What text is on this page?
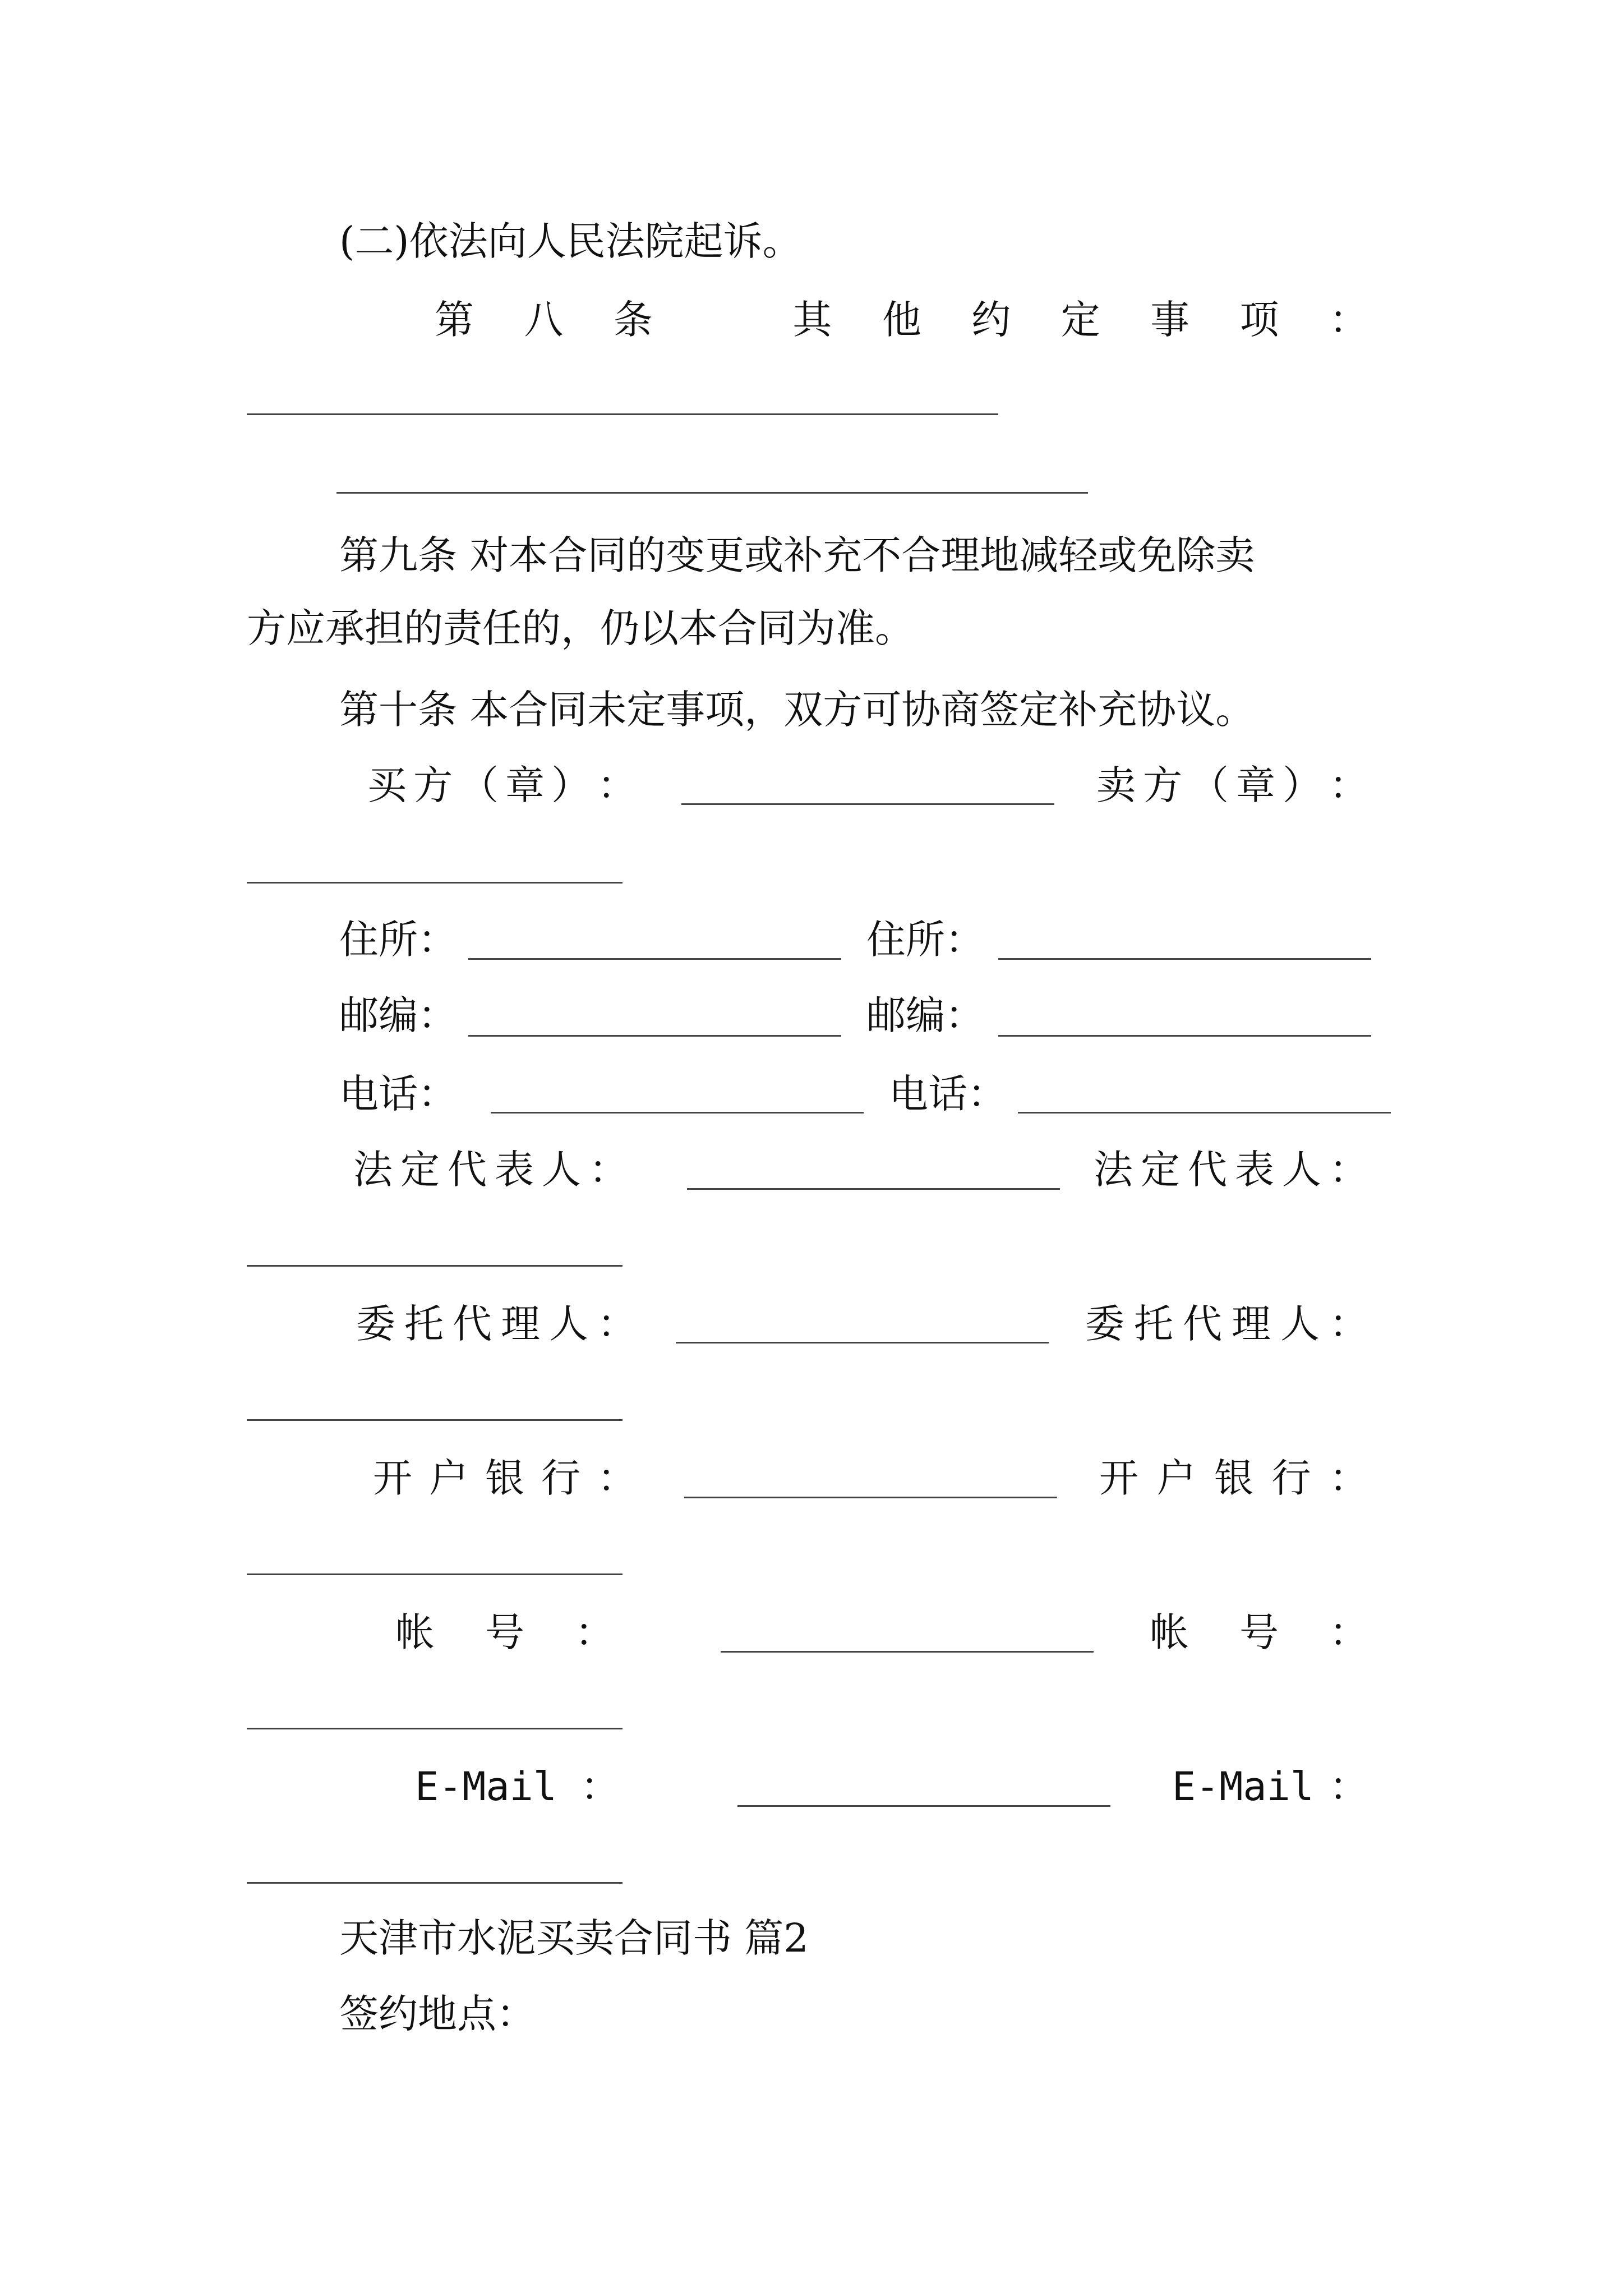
(二)依法向人民法院起诉。

第 八 条	其 他 约 定 事 项 ：

第九条 对本合同的变更或补充不合理地减轻或免除卖

方应承担的责任的，仍以本合同为准。

第十条 本合同未定事项，双方可协商签定补充协议。

买 方 （ 章 ） ：	卖 方 （ 章 ） ：

住所：	住所：

邮编：	邮编：

电话：	电话：

法 定 代 表 人 ：	法 定 代 表 人 ：
委 托 代 理 人 ：	委 托 代 理 人 ：
开 户 银 行 ：	开 户 银 行 ：
帐 号 ：	帐 号 ：

E-Mail ：	E-Mail ：

天津市水泥买卖合同书 篇2

签约地点：
